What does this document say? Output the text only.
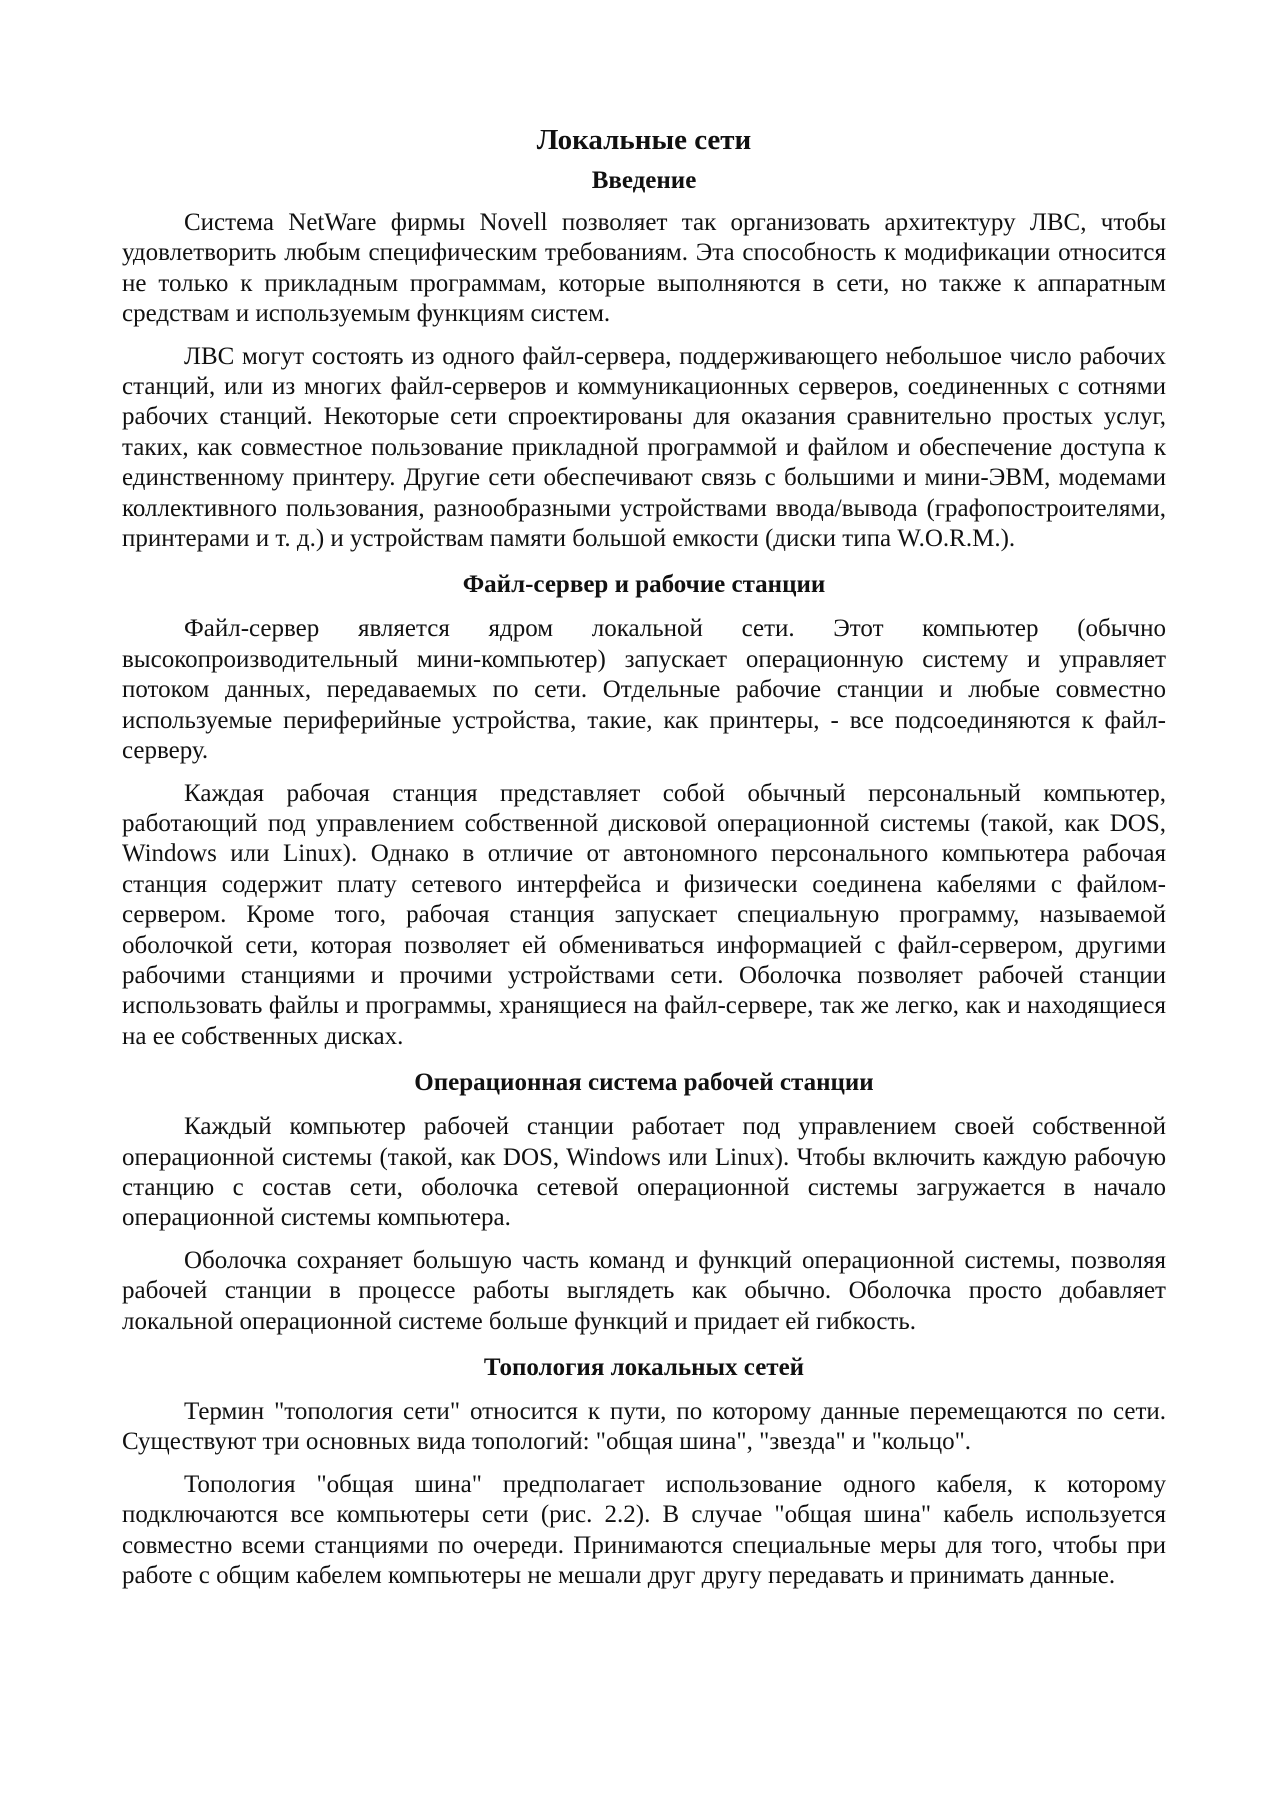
Локальные сети
Введение

Система NetWare фирмы Novell позволяет так организовать архитектуру ЛВС, чтобы удовлетворить любым специфическим требованиям. Эта способность к модификации относится не только к прикладным программам, которые выполняются в сети, но также к аппаратным средствам и используемым функциям систем.

ЛВС могут состоять из одного файл-сервера, поддерживающего небольшое число рабочих станций, или из многих файл-серверов и коммуникационных серверов, соединенных с сотнями рабочих станций. Некоторые сети спроектированы для оказания сравнительно простых услуг, таких, как совместное пользование прикладной программой и файлом и обеспечение доступа к единственному принтеру. Другие сети обеспечивают связь с большими и мини-ЭВМ, модемами коллективного пользования, разнообразными устройствами ввода/вывода (графопостроителями, принтерами и т. д.) и устройствам памяти большой емкости (диски типа W.O.R.M.).

Файл-сервер и рабочие станции

Файл-сервер является ядром локальной сети. Этот компьютер (обычно высокопроизводительный мини-компьютер) запускает операционную систему и управляет потоком данных, передаваемых по сети. Отдельные рабочие станции и любые совместно используемые периферийные устройства, такие, как принтеры, - все подсоединяются к файл-серверу.

Каждая рабочая станция представляет собой обычный персональный компьютер, работающий под управлением собственной дисковой операционной системы (такой, как DOS, Windows или Linux). Однако в отличие от автономного персонального компьютера рабочая станция содержит плату сетевого интерфейса и физически соединена кабелями с файлом-сервером. Кроме того, рабочая станция запускает специальную программу, называемой оболочкой сети, которая позволяет ей обмениваться информацией с файл-сервером, другими рабочими станциями и прочими устройствами сети. Оболочка позволяет рабочей станции использовать файлы и программы, хранящиеся на файл-сервере, так же легко, как и находящиеся на ее собственных дисках.

Операционная система рабочей станции

Каждый компьютер рабочей станции работает под управлением своей собственной операционной системы (такой, как DOS, Windows или Linux). Чтобы включить каждую рабочую станцию с состав сети, оболочка сетевой операционной системы загружается в начало операционной системы компьютера.

Оболочка сохраняет большую часть команд и функций операционной системы, позволяя рабочей станции в процессе работы выглядеть как обычно. Оболочка просто добавляет локальной операционной системе больше функций и придает ей гибкость.

Топология локальных сетей

Термин "топология сети" относится к пути, по которому данные перемещаются по сети. Существуют три основных вида топологий: "общая шина", "звезда" и "кольцо".

Топология "общая шина" предполагает использование одного кабеля, к которому подключаются все компьютеры сети (рис. 2.2). В случае "общая шина" кабель используется совместно всеми станциями по очереди. Принимаются специальные меры для того, чтобы при работе с общим кабелем компьютеры не мешали друг другу передавать и принимать данные.
